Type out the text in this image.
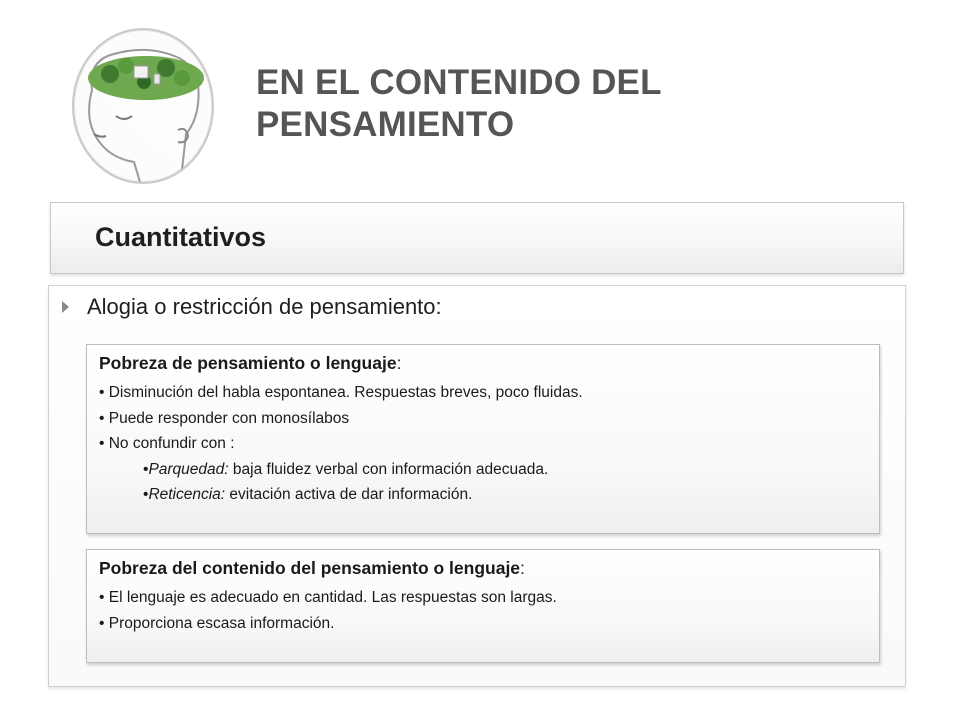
EN EL CONTENIDO DEL
PENSAMIENTO
Cuantitativos
Alogia o restricción de pensamiento:
Pobreza de pensamiento o lenguaje:
• Disminución del habla espontanea. Respuestas breves, poco fluidas.
• Puede responder con monosílabos
• No confundir con :
•Parquedad: baja fluidez verbal con información adecuada.
•Reticencia: evitación activa de dar información.
Pobreza del contenido del pensamiento o lenguaje:
• El lenguaje es adecuado en cantidad. Las respuestas son largas.
• Proporciona escasa información.
